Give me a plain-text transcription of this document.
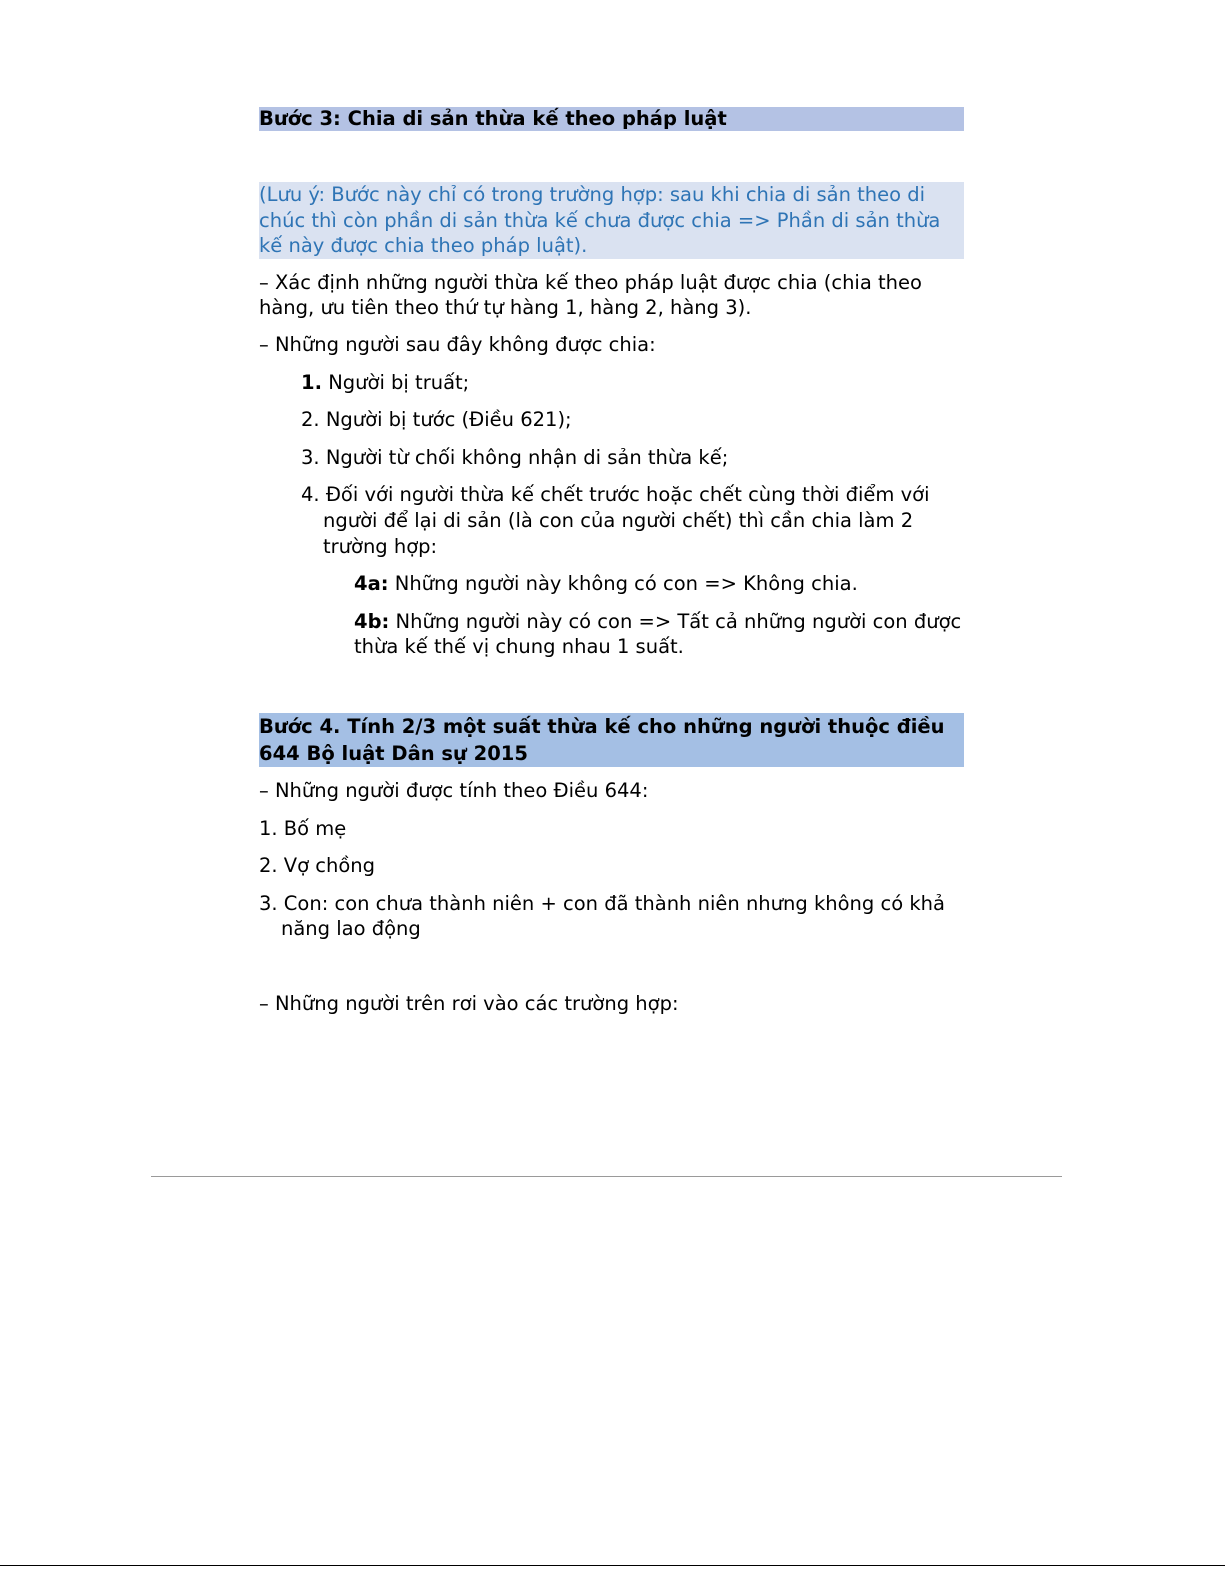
Bước 3: Chia di sản thừa kế theo pháp luật

(Lưu ý: Bước này chỉ có trong trường hợp: sau khi chia di sản theo di chúc thì còn phần di sản thừa kế chưa được chia => Phần di sản thừa kế này được chia theo pháp luật).

– Xác định những người thừa kế theo pháp luật được chia (chia theo hàng, ưu tiên theo thứ tự hàng 1, hàng 2, hàng 3).

– Những người sau đây không được chia:

1. Người bị truất;
2. Người bị tước (Điều 621);
3. Người từ chối không nhận di sản thừa kế;
4. Đối với người thừa kế chết trước hoặc chết cùng thời điểm với người để lại di sản (là con của người chết) thì cần chia làm 2 trường hợp:

4a: Những người này không có con => Không chia.

4b: Những người này có con => Tất cả những người con được thừa kế thế vị chung nhau 1 suất.

Bước 4. Tính 2/3 một suất thừa kế cho những người thuộc điều 644 Bộ luật Dân sự 2015

– Những người được tính theo Điều 644:

1. Bố mẹ
2. Vợ chồng
3. Con: con chưa thành niên + con đã thành niên nhưng không có khả năng lao động

– Những người trên rơi vào các trường hợp:
